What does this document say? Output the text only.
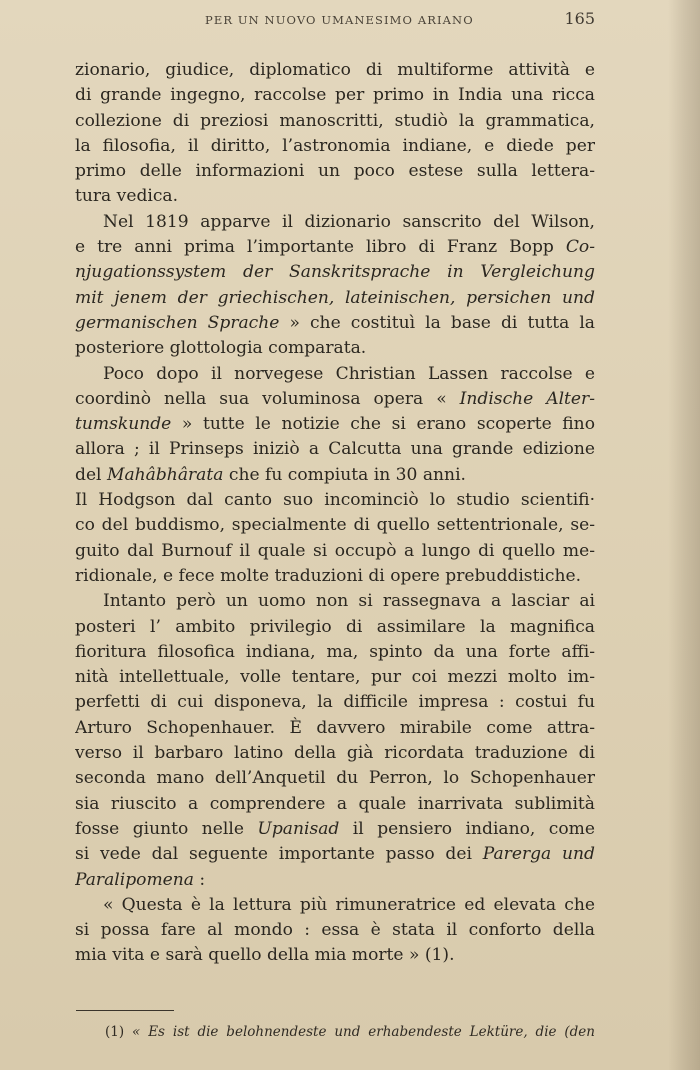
PER UN NUOVO UMANESIMO ARIANO	165
zionario, giudice, diplomatico di multiforme attività e
di grande ingegno, raccolse per primo in India una ricca
collezione di preziosi manoscritti, studiò la grammatica,
la filosofia, il diritto, l’astronomia indiane, e diede per
primo delle informazioni un poco estese sulla lettera-
tura vedica.
Nel 1819 apparve il dizionario sanscrito del Wilson,
e tre anni prima l’importante libro di Franz Bopp Co-
njugationssystem der Sanskritsprache in Vergleichung
mit jenem der griechischen, lateinischen, persichen und
germanischen Sprache » che costituì la base di tutta la
posteriore glottologia comparata.
Poco dopo il norvegese Christian Lassen raccolse e
coordinò nella sua voluminosa opera « Indische Alter-
tumskunde » tutte le notizie che si erano scoperte fino
allora ; il Prinseps iniziò a Calcutta una grande edizione
del Mahâbhârata che fu compiuta in 30 anni.
Il Hodgson dal canto suo incominciò lo studio scientifi·
co del buddismo, specialmente di quello settentrionale, se-
guito dal Burnouf il quale si occupò a lungo di quello me-
ridionale, e fece molte traduzioni di opere prebuddistiche.
Intanto però un uomo non si rassegnava a lasciar ai
posteri l’ ambito privilegio di assimilare la magnifica
fioritura filosofica indiana, ma, spinto da una forte affi-
nità intellettuale, volle tentare, pur coi mezzi molto im-
perfetti di cui disponeva, la difficile impresa : costui fu
Arturo Schopenhauer. È davvero mirabile come attra-
verso il barbaro latino della già ricordata traduzione di
seconda mano dell’Anquetil du Perron, lo Schopenhauer
sia riuscito a comprendere a quale inarrivata sublimità
fosse giunto nelle Upanisad il pensiero indiano, come
si vede dal seguente importante passo dei Parerga und
Paralipomena :
« Questa è la lettura più rimuneratrice ed elevata che
si possa fare al mondo : essa è stata il conforto della
mia vita e sarà quello della mia morte » (1).
(1) « Es ist die belohnendeste und erhabendeste Lektüre, die (den
